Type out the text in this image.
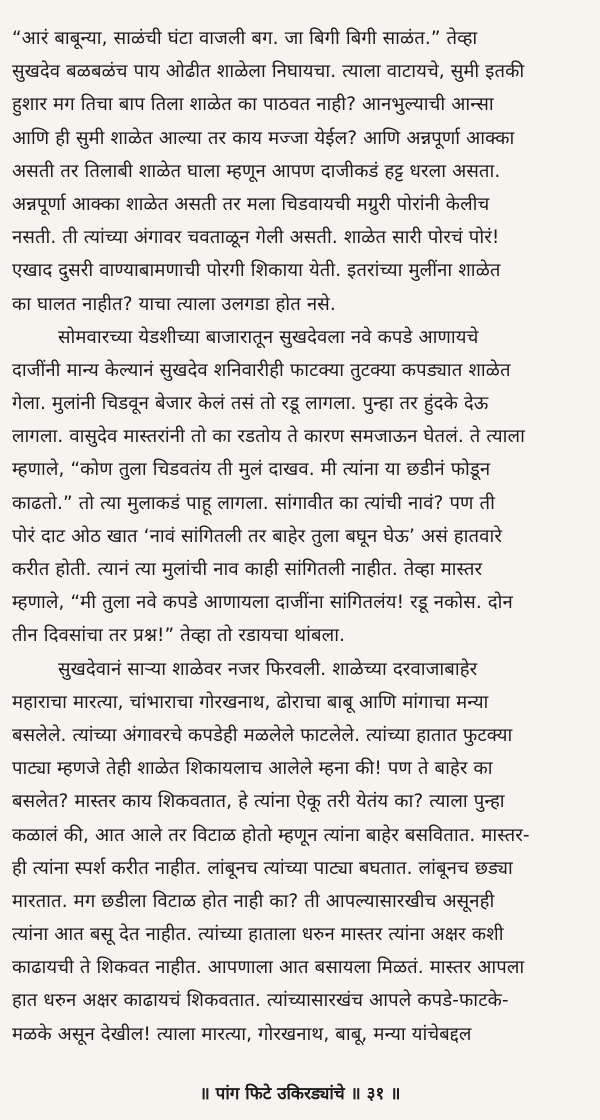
“आरं बाबून्या, साळंची घंटा वाजली बग. जा बिगी बिगी साळंत.” तेव्हा
सुखदेव बळबळंच पाय ओढीत शाळेला निघायचा. त्याला वाटायचे, सुमी इतकी
हुशार मग तिचा बाप तिला शाळेत का पाठवत नाही? आनभुल्याची आन्सा
आणि ही सुमी शाळेत आल्या तर काय मज्जा येईल? आणि अन्नपूर्णा आक्का
असती तर तिलाबी शाळेत घाला म्हणून आपण दाजीकडं हट्ट धरला असता.
अन्नपूर्णा आक्का शाळेत असती तर मला चिडवायची मग्रुरी पोरांनी केलीच
नसती. ती त्यांच्या अंगावर चवताळून गेली असती. शाळेत सारी पोरचं पोरं!
एखाद दुसरी वाण्याबामणाची पोरगी शिकाया येती. इतरांच्या मुलींना शाळेत
का घालत नाहीत? याचा त्याला उलगडा होत नसे.
सोमवारच्या येडशीच्या बाजारातून सुखदेवला नवे कपडे आणायचे
दाजींनी मान्य केल्यानं सुखदेव शनिवारीही फाटक्या तुटक्या कपड्यात शाळेत
गेला. मुलांनी चिडवून बेजार केलं तसं तो रडू लागला. पुन्हा तर हुंदके देऊ
लागला. वासुदेव मास्तरांनी तो का रडतोय ते कारण समजाऊन घेतलं. ते त्याला
म्हणाले, “कोण तुला चिडवतंय ती मुलं दाखव. मी त्यांना या छडीनं फोडून
काढतो.” तो त्या मुलाकडं पाहू लागला. सांगावीत का त्यांची नावं? पण ती
पोरं दाट ओठ खात ‘नावं सांगितली तर बाहेर तुला बघून घेऊ’ असं हातवारे
करीत होती. त्यानं त्या मुलांची नाव काही सांगितली नाहीत. तेव्हा मास्तर
म्हणाले, “मी तुला नवे कपडे आणायला दाजींना सांगितलंय! रडू नकोस. दोन
तीन दिवसांचा तर प्रश्न!” तेव्हा तो रडायचा थांबला.
सुखदेवानं साऱ्या शाळेवर नजर फिरवली. शाळेच्या दरवाजाबाहेर
महाराचा मारत्या, चांभाराचा गोरखनाथ, ढोराचा बाबू आणि मांगाचा मन्या
बसलेले. त्यांच्या अंगावरचे कपडेही मळलेले फाटलेले. त्यांच्या हातात फुटक्या
पाट्या म्हणजे तेही शाळेत शिकायलाच आलेले म्हना की! पण ते बाहेर का
बसलेत? मास्तर काय शिकवतात, हे त्यांना ऐकू तरी येतंय का? त्याला पुन्हा
कळालं की, आत आले तर विटाळ होतो म्हणून त्यांना बाहेर बसवितात. मास्तर-
ही त्यांना स्पर्श करीत नाहीत. लांबूनच त्यांच्या पाट्या बघतात. लांबूनच छड्या
मारतात. मग छडीला विटाळ होत नाही का? ती आपल्यासारखीच असूनही
त्यांना आत बसू देत नाहीत. त्यांच्या हाताला धरुन मास्तर त्यांना अक्षर कशी
काढायची ते शिकवत नाहीत. आपणाला आत बसायला मिळतं. मास्तर आपला
हात धरुन अक्षर काढायचं शिकवतात. त्यांच्यासारखंच आपले कपडे-फाटके-
मळके असून देखील! त्याला मारत्या, गोरखनाथ, बाबू, मन्या यांचेबद्दल
॥ पांग फिटे उकिरड्यांचे ॥ ३१ ॥
